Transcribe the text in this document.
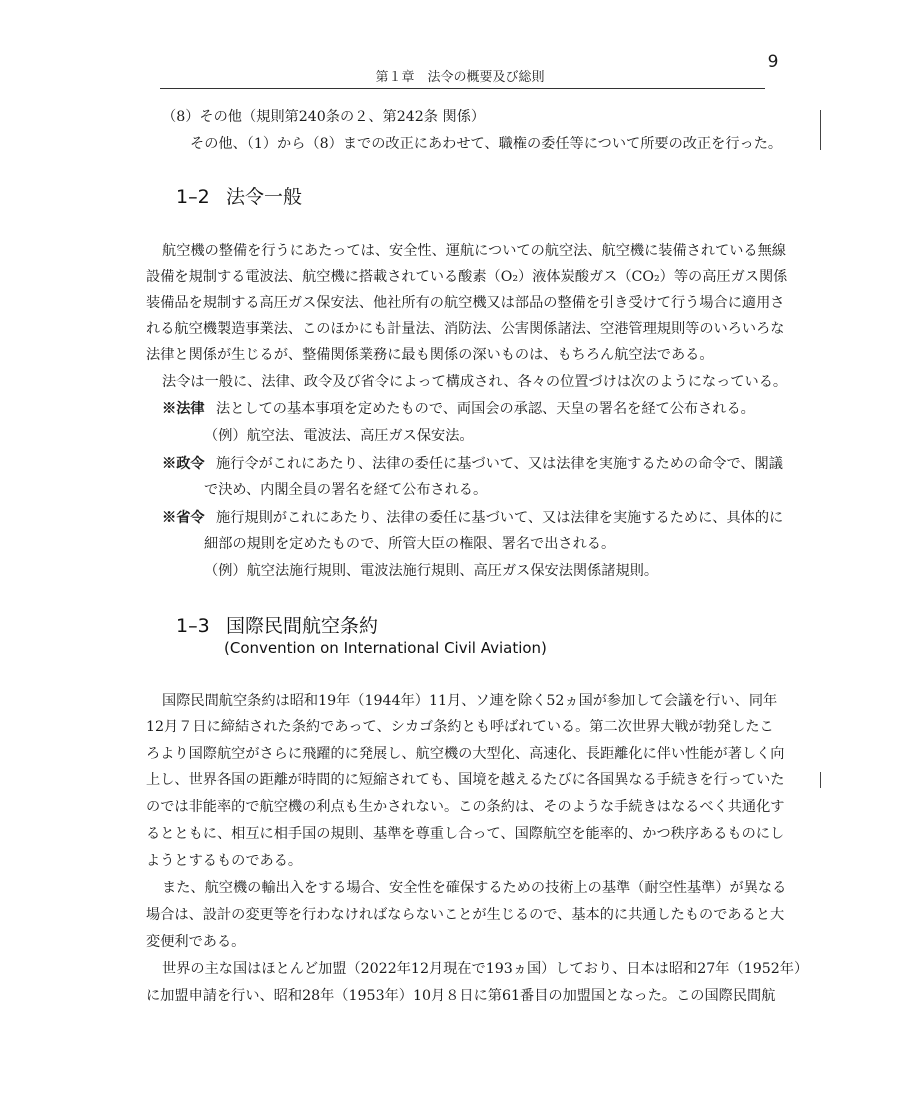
9
第１章　法令の概要及び総則
（8）その他（規則第240条の２、第242条 関係）
その他、（1）から（8）までの改正にあわせて、職権の委任等について所要の改正を行った。
1–2 法令一般
航空機の整備を行うにあたっては、安全性、運航についての航空法、航空機に装備されている無線
設備を規制する電波法、航空機に搭載されている酸素（O₂）液体炭酸ガス（CO₂）等の高圧ガス関係
装備品を規制する高圧ガス保安法、他社所有の航空機又は部品の整備を引き受けて行う場合に適用さ
れる航空機製造事業法、このほかにも計量法、消防法、公害関係諸法、空港管理規則等のいろいろな
法律と関係が生じるが、整備関係業務に最も関係の深いものは、もちろん航空法である。
法令は一般に、法律、政令及び省令によって構成され、各々の位置づけは次のようになっている。
※法律 法としての基本事項を定めたもので、両国会の承認、天皇の署名を経て公布される。
（例）航空法、電波法、高圧ガス保安法。
※政令 施行令がこれにあたり、法律の委任に基づいて、又は法律を実施するための命令で、閣議
で決め、内閣全員の署名を経て公布される。
※省令 施行規則がこれにあたり、法律の委任に基づいて、又は法律を実施するために、具体的に
細部の規則を定めたもので、所管大臣の権限、署名で出される。
（例）航空法施行規則、電波法施行規則、高圧ガス保安法関係諸規則。
1–3 国際民間航空条約
(Convention on International Civil Aviation)
国際民間航空条約は昭和19年（1944年）11月、ソ連を除く52ヵ国が参加して会議を行い、同年
12月７日に締結された条約であって、シカゴ条約とも呼ばれている。第二次世界大戦が勃発したこ
ろより国際航空がさらに飛躍的に発展し、航空機の大型化、高速化、長距離化に伴い性能が著しく向
上し、世界各国の距離が時間的に短縮されても、国境を越えるたびに各国異なる手続きを行っていた
のでは非能率的で航空機の利点も生かされない。この条約は、そのような手続きはなるべく共通化す
るとともに、相互に相手国の規則、基準を尊重し合って、国際航空を能率的、かつ秩序あるものにし
ようとするものである。
また、航空機の輸出入をする場合、安全性を確保するための技術上の基準（耐空性基準）が異なる
場合は、設計の変更等を行わなければならないことが生じるので、基本的に共通したものであると大
変便利である。
世界の主な国はほとんど加盟（2022年12月現在で193ヵ国）しており、日本は昭和27年（1952年）
に加盟申請を行い、昭和28年（1953年）10月８日に第61番目の加盟国となった。この国際民間航
